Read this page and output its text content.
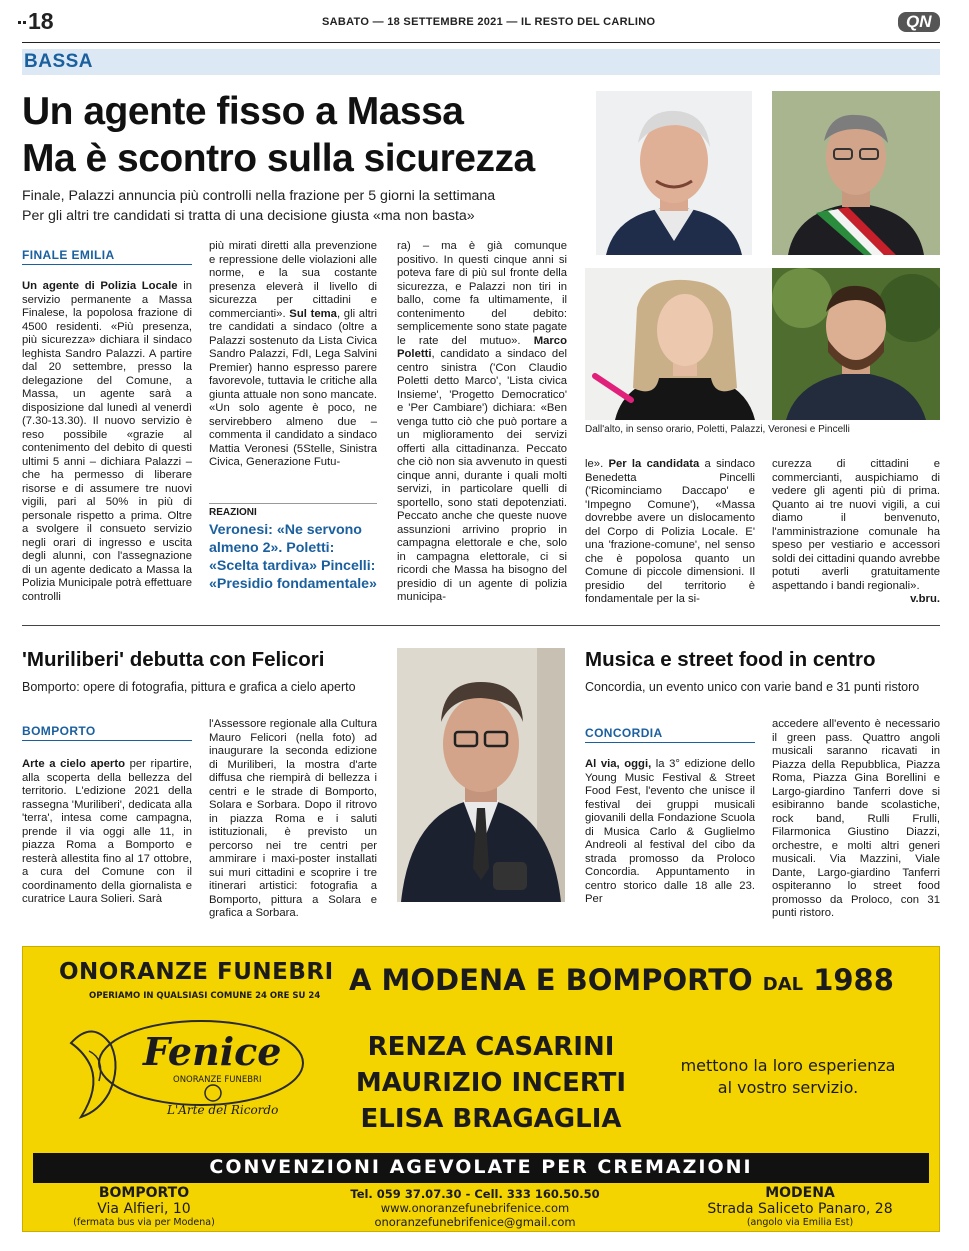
18	SABATO — 18 SETTEMBRE 2021 — IL RESTO DEL CARLINO	QN
BASSA
Un agente fisso a Massa
Ma è scontro sulla sicurezza
Finale, Palazzi annuncia più controlli nella frazione per 5 giorni la settimana
Per gli altri tre candidati si tratta di una decisione giusta «ma non basta»
FINALE EMILIA

Un agente di Polizia Locale in servizio permanente a Massa Finalese, la popolosa frazione di 4500 residenti. «Più presenza, più sicurezza» dichiara il sindaco leghista Sandro Palazzi. A partire dal 20 settembre, presso la delegazione del Comune, a Massa, un agente sarà a disposizione dal lunedì al venerdì (7.30-13.30). Il nuovo servizio è reso possibile «grazie al contenimento del debito di questi ultimi 5 anni – dichiara Palazzi – che ha permesso di liberare risorse e di assumere tre nuovi vigili, pari al 50% in più di personale rispetto a prima. Oltre a svolgere il consueto servizio negli orari di ingresso e uscita degli alunni, con l'assegnazione di un agente dedicato a Massa la Polizia Municipale potrà effettuare controlli

più mirati diretti alla prevenzione e repressione delle violazioni alle norme, e la sua costante presenza eleverà il livello di sicurezza per cittadini e commercianti». Sul tema, gli altri tre candidati a sindaco (oltre a Palazzi sostenuto da Lista Civica Sandro Palazzi, FdI, Lega Salvini Premier) hanno espresso parere favorevole, tuttavia le critiche alla giunta attuale non sono mancate. «Un solo agente è poco, ne servirebbero almeno due – commenta il candidato a sindaco Mattia Veronesi (5Stelle, Sinistra Civica, Generazione Futu-

REAZIONI
Veronesi: «Ne servono almeno 2». Poletti: «Scelta tardiva» Pincelli: «Presidio fondamentale»

ra) – ma è già comunque positivo. In questi cinque anni si poteva fare di più sul fronte della sicurezza, e Palazzi non tiri in ballo, come fa ultimamente, il contenimento del debito: semplicemente sono state pagate le rate del mutuo». Marco Poletti, candidato a sindaco del centro sinistra ('Con Claudio Poletti detto Marco', 'Lista civica Insieme', 'Progetto Democratico' e 'Per Cambiare') dichiara: «Ben venga tutto ciò che può portare a un miglioramento dei servizi offerti alla cittadinanza. Peccato che ciò non sia avvenuto in questi cinque anni, durante i quali molti servizi, in particolare quelli di sportello, sono stati depotenziati. Peccato anche che queste nuove assunzioni arrivino proprio in campagna elettorale e che, solo in campagna elettorale, ci si ricordi che Massa ha bisogno del presidio di un agente di polizia municipa-

le». Per la candidata a sindaco Benedetta Pincelli ('Ricominciamo Daccapo' e 'Impegno Comune'), «Massa dovrebbe avere un dislocamento del Corpo di Polizia Locale. E' una 'frazione-comune', nel senso che è popolosa quanto un Comune di piccole dimensioni. Il presidio del territorio è fondamentale per la si-

curezza di cittadini e commercianti, auspichiamo di vedere gli agenti più di prima. Quanto ai tre nuovi vigili, a cui diamo il benvenuto, l'amministrazione comunale ha speso per vestiario e accessori soldi dei cittadini quando avrebbe potuti averli gratuitamente aspettando i bandi regionali».

v.bru.

Dall'alto, in senso orario, Poletti, Palazzi, Veronesi e Pincelli
'Muriliberi' debutta con Felicori
Bomporto: opere di fotografia, pittura e grafica a cielo aperto
BOMPORTO

Arte a cielo aperto per ripartire, alla scoperta della bellezza del territorio. L'edizione 2021 della rassegna 'Muriliberi', dedicata alla 'terra', intesa come campagna, prende il via oggi alle 11, in piazza Roma a Bomporto e resterà allestita fino al 17 ottobre, a cura del Comune con il coordinamento della giornalista e curatrice Laura Solieri. Sarà

l'Assessore regionale alla Cultura Mauro Felicori (nella foto) ad inaugurare la seconda edizione di Muriliberi, la mostra d'arte diffusa che riempirà di bellezza i centri e le strade di Bomporto, Solara e Sorbara. Dopo il ritrovo in piazza Roma e i saluti istituzionali, è previsto un percorso nei tre centri per ammirare i maxi-poster installati sui muri cittadini e scoprire i tre itinerari artistici: fotografia a Bomporto, pittura a Solara e grafica a Sorbara.

Musica e street food in centro
Concordia, un evento unico con varie band e 31 punti ristoro
CONCORDIA

Al via, oggi, la 3° edizione dello Young Music Festival & Street Food Fest, l'evento che unisce il festival dei gruppi musicali giovanili della Fondazione Scuola di Musica Carlo & Guglielmo Andreoli al festival del cibo da strada promosso da Proloco Concordia. Appuntamento in centro storico dalle 18 alle 23. Per

accedere all'evento è necessario il green pass. Quattro angoli musicali saranno ricavati in Piazza della Repubblica, Piazza Roma, Piazza Gina Borellini e Largo-giardino Tanferri dove si esibiranno bande scolastiche, rock band, Rulli Frulli, Filarmonica Giustino Diazzi, orchestre, e molti altri generi musicali. Via Mazzini, Viale Dante, Largo-giardino Tanferri ospiteranno lo street food promosso da Proloco, con 31 punti ristoro.

ONORANZE FUNEBRI
OPERIAMO IN QUALSIASI COMUNE 24 ORE SU 24
Fenice
ONORANZE FUNEBRI
L'Arte del Ricordo
A MODENA E BOMPORTO DAL 1988
RENZA CASARINI
MAURIZIO INCERTI
ELISA BRAGAGLIA
mettono la loro esperienza
al vostro servizio.
CONVENZIONI AGEVOLATE PER CREMAZIONI
BOMPORTO
Via Alfieri, 10
(fermata bus via per Modena)
Tel. 059 37.07.30 - Cell. 333 160.50.50
www.onoranzefunebrifenice.com
onoranzefunebrifenice@gmail.com
MODENA
Strada Saliceto Panaro, 28
(angolo via Emilia Est)
